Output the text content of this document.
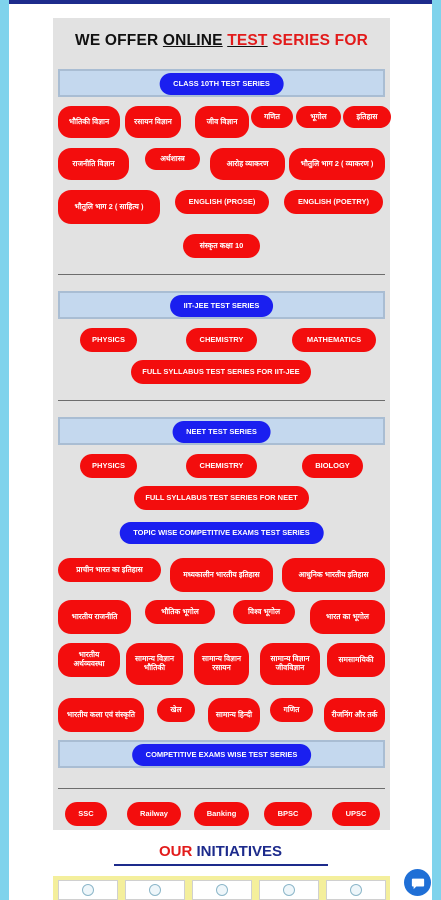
WE OFFER ONLINE TEST SERIES FOR
CLASS 10TH TEST SERIES
भौतिकी विज्ञान	रसायन विज्ञान	जीव विज्ञान
गणित	भूगोल	इतिहास
राजनीति विज्ञान
अर्थशास्त्र
आरोह व्याकरण	भौतुलि भाग 2 ( व्याकरण )
भौतुलि भाग 2 ( साहित्य )
ENGLISH (PROSE)	ENGLISH (POETRY)
संस्कृत कक्षा 10
IIT-JEE TEST SERIES
PHYSICS	CHEMISTRY	MATHEMATICS
FULL SYLLABUS TEST SERIES FOR IIT-JEE
NEET TEST SERIES
PHYSICS	CHEMISTRY	BIOLOGY
FULL SYLLABUS TEST SERIES FOR NEET
TOPIC WISE COMPETITIVE EXAMS TEST SERIES
प्राचीन भारत का इतिहास
मध्यकालीन भारतीय इतिहास	आधुनिक भारतीय इतिहास
भारतीय राजनीति
भौतिक भूगोल	विश्व भूगोल
भारत का भूगोल
भारतीय अर्थव्यवस्था
सामान्य विज्ञान भौतिकी
सामान्य विज्ञान रसायन
सामान्य विज्ञान जीवविज्ञान
समसामयिकी
भारतीय कला एवं संस्कृति
खेल
सामान्य हिन्दी
गणित
रीजनिंग और तर्क
COMPETITIVE EXAMS WISE TEST SERIES
SSC	Railway	Banking	BPSC	UPSC
OUR INITIATIVES
